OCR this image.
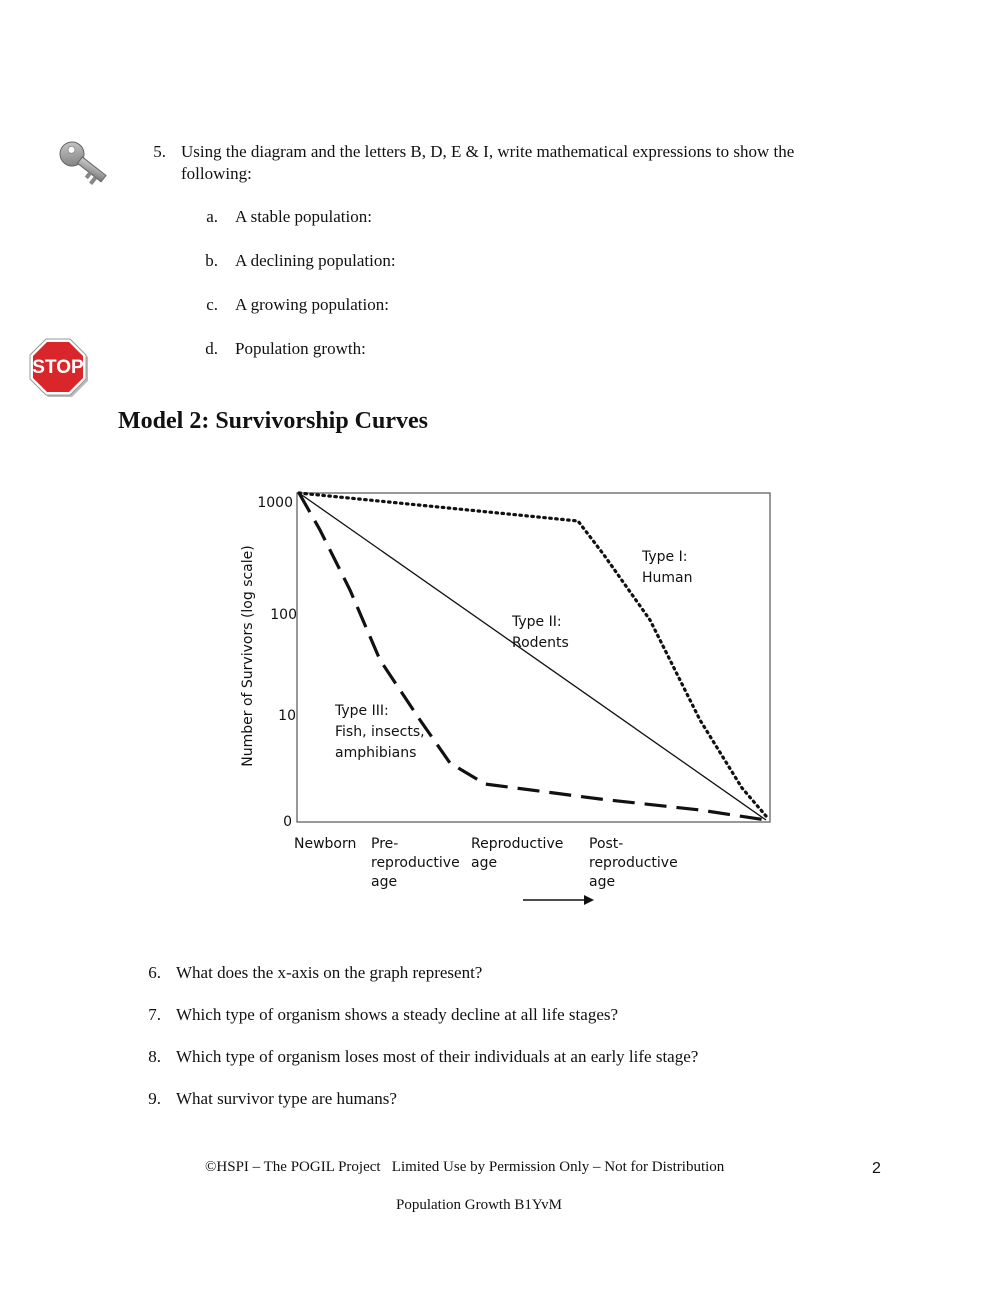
5. Using the diagram and the letters B, D, E & I, write mathematical expressions to show the
following:
a. A stable population:
b. A declining population:
c. A growing population:
d. Population growth:
STOP
Model 2: Survivorship Curves
Number of Survivors (log scale)
1000
100
10
0
Type I: Human
Type II: Rodents
Type III: Fish, insects, amphibians
Newborn Pre- reproductive age
Reproductive age
Post- reproductive age
6. What does the x-axis on the graph represent?
7. Which type of organism shows a steady decline at all life stages?
8. Which type of organism loses most of their individuals at an early life stage?
9. What survivor type are humans?
©HSPI – The POGIL Project   Limited Use by Permission Only – Not for Distribution	2
Population Growth B1YvM
